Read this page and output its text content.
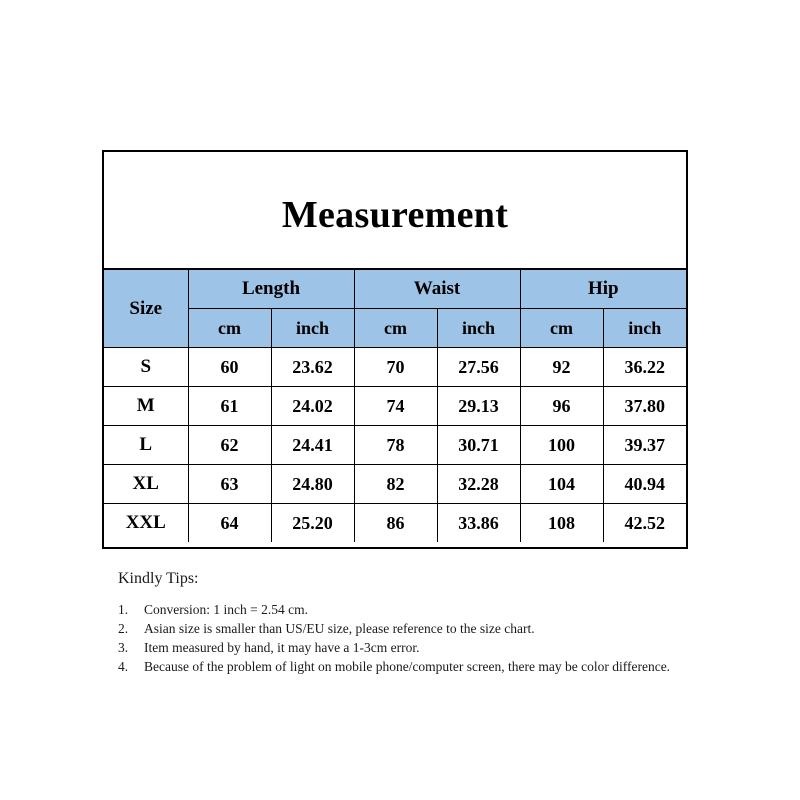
Measurement
Size	Length		Waist		Hip	
	cm	inch	cm	inch	cm	inch
S	60	23.62	70	27.56	92	36.22
M	61	24.02	74	29.13	96	37.80
L	62	24.41	78	30.71	100	39.37
XL	63	24.80	82	32.28	104	40.94
XXL	64	25.20	86	33.86	108	42.52
Kindly Tips:
1.	Conversion: 1 inch = 2.54 cm.
2.	Asian size is smaller than US/EU size, please reference to the size chart.
3.	Item measured by hand, it may have a 1-3cm error.
4.	Because of the problem of light on mobile phone/computer screen, there may be color difference.
